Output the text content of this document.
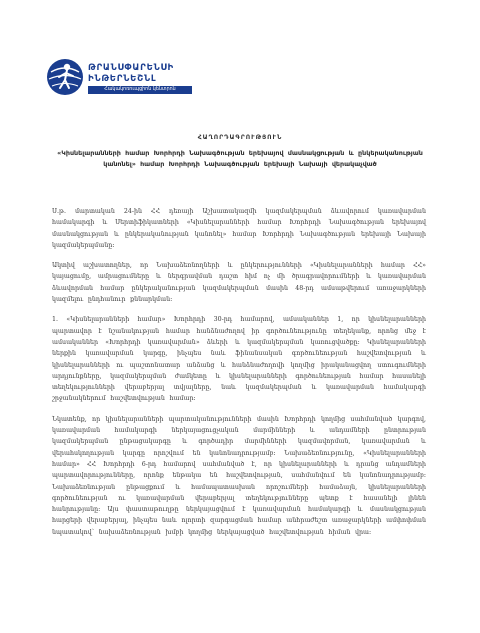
ԹՐԱՆՍՓԱՐԵՆՍԻ
ԻՆԹԵՐՆԵՇՆԼ
Հակակոռուպցիոն կենտրոն
ՀԱՂՈՐԴԱԳՐՈՒԹՅՈՒՆ
«Կիսնելարանների համար Խորհրդի Նախագծության երեխայով մասնակցության և ընկերականության կանոնել» համար Խորհրդի Նախագծության երեխայի Նախայի վերակաչված

Ս.թ. մարտական 24-ին ՀՀ դեռայի Աշխատակազմի կազմակերպման ձևավորում կառավարման համակարգի և Սերտիֆիկատների «Կիսնելարանների համար Խորհրդի Նախագծության երեխայով մասնակցության և ընկերականության կանոնել» համար Խորհրդի Նախագծության երեխայի Նախայի կազմակերպմանը։

Ակտիվ աշխատողներ, որ Նախաձեռնողների և ընկերությունների «Կիսնելարանների համար ՀՀ» կայացումը, ամրացումները և ներգրավման դաշտ հիմ ոչ մի ծրագրավորումների և կառավարման ձևավորման համար ընկերականության կազմակերպման մասին 48-րդ ամսաթվերում առաջարկների կազմելու ընդհանուր քննարկման։

1. «Կիսնելարանների համար» Խորհրդի 30-րդ համարով, ամսականներ 1, որ կիսնելարանների պարտավոր է նշանակության համար հանձնաժողով իր գործունեությունը տեղեկանք, որոնց մեջ է ամսականներ «Խորհրդի կառավարման» ձևերի և կազմակերպման կառուցվածքը։ Կիսնելարանների ներքին կառավարման կարգը, ինչպես նաև ֆինանսական գործունեության հաշվետվության և կիսնելարանների ու պաշտոնատար անձանց և հանձնաժողովի կողմից իրականացվող ստուգումների արդյունքները, կազմակերպման ժամկետը և կիսնելարանների գործունեության համար հասանելի տեղեկությունների վերաբերյալ տվյալները, նաև կազմակերպման և կառավարման համակարգի շրջանակներում հաշվետվության համար։

Նկատենք, որ կիսնելարանների պարտականությունների մասին Խորհրդի կողմից սահմանված կարգով, կառավարման համակարգի ներկայացուցչական մարմինների և անդամների ընտրության կազմակերպման ընթացակարգը և գործադիր մարմինների կազմավորման, կառավարման և վերահսկողության կարգը որոշվում են կանոնադրությամբ։ Նախաձեռնությունը, «Կիսնելարանների համար» ՀՀ Խորհրդի 6-րդ համարով սահմանված է, որ կիսնելարանների և դրանց անդամների պարտավորությունները, որոնք ենթակա են հաշվետվության, սահմանվում են կանոնադրությամբ։ Նախաձեռնության ընթացքում և համապատասխան որոշումների համաձայն, կիսնելարանների գործունեության ու կառավարման վերաբերյալ տեղեկությունները պետք է հասանելի լինեն հանրությանը։ Այս փաստաթուղթը ներկայացվում է կառավարման համակարգի և մասնակցության հարցերի վերաբերյալ, ինչպես նաև ոլորտի զարգացման համար անհրաժեշտ առաջարկների ամփոփման նպատակով՝ նախաձեռնության խմբի կողմից ներկայացված հաշվետվության հիման վրա։
